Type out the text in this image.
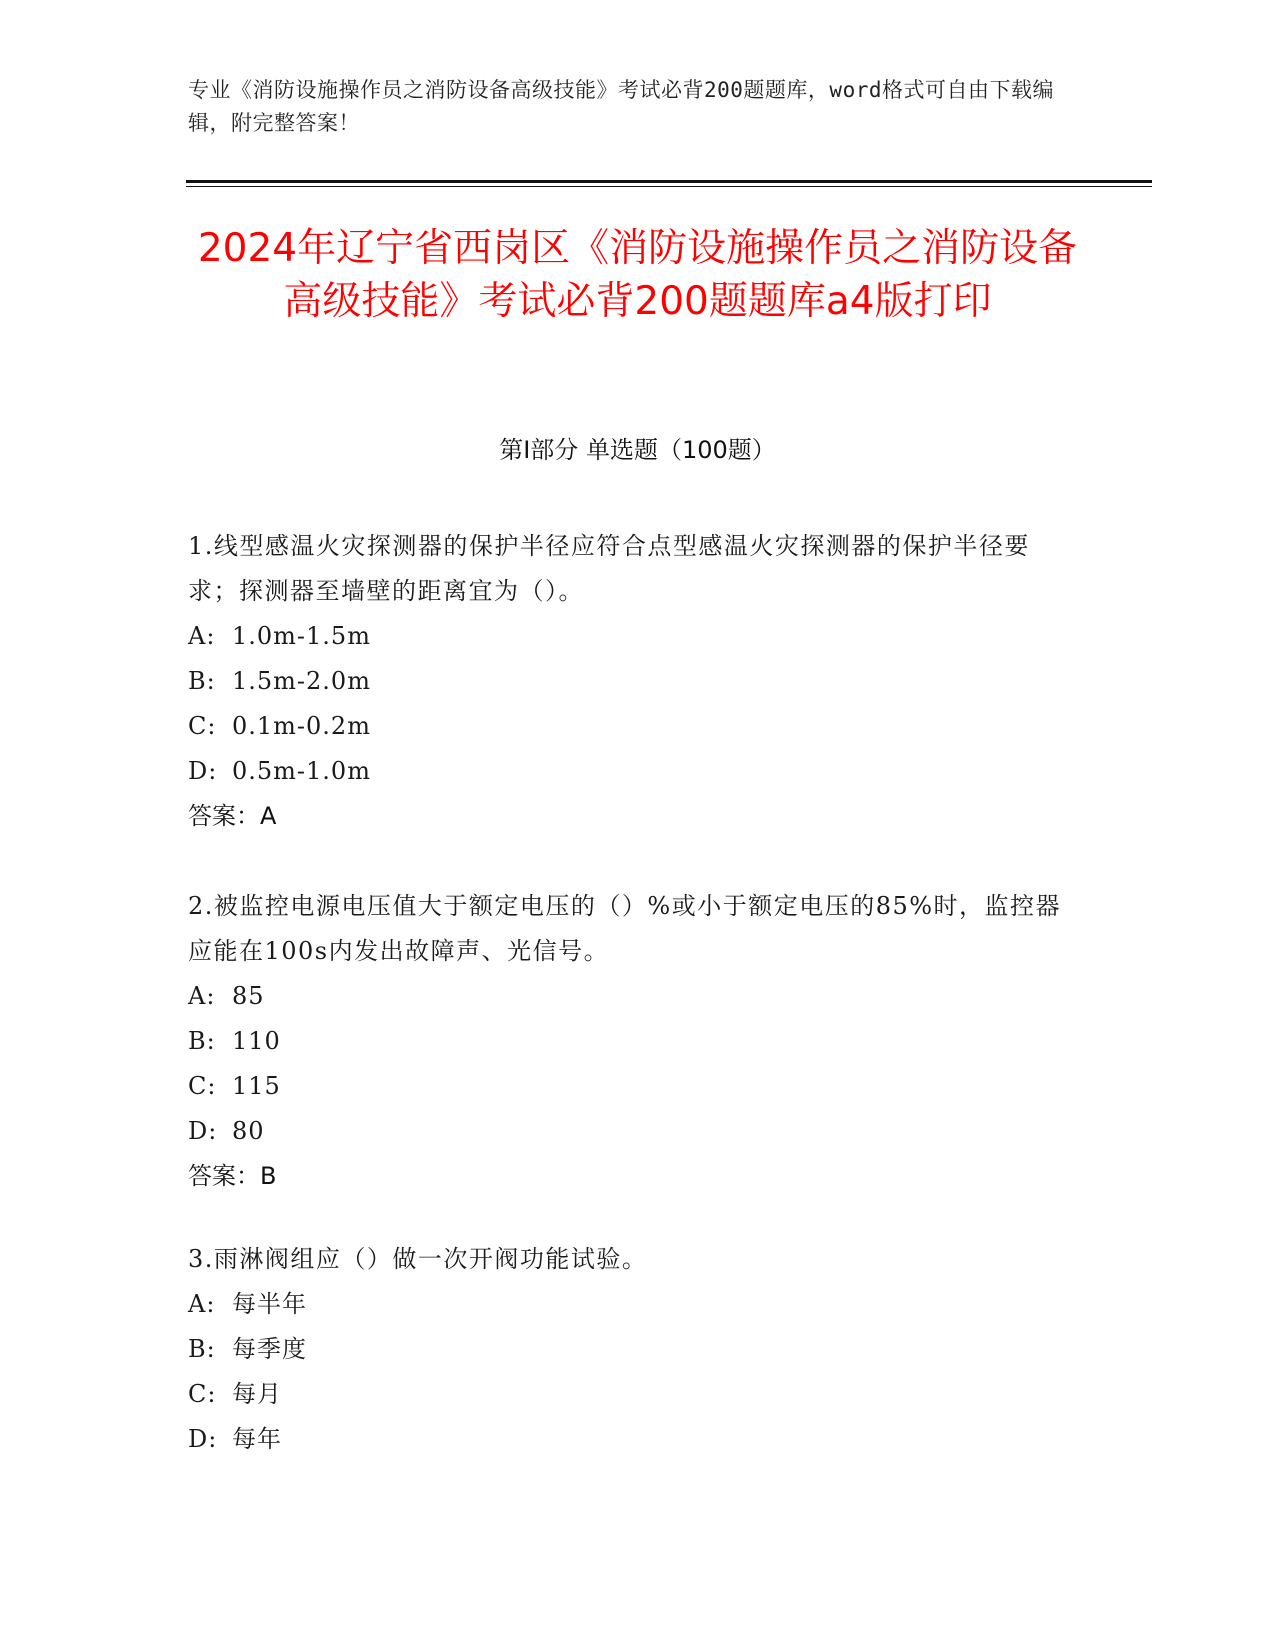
专业《消防设施操作员之消防设备高级技能》考试必背200题题库，word格式可自由下载编辑，附完整答案！
2024年辽宁省西岗区《消防设施操作员之消防设备高级技能》考试必背200题题库a4版打印
第I部分 单选题（100题）
1.线型感温火灾探测器的保护半径应符合点型感温火灾探测器的保护半径要求；探测器至墙壁的距离宜为（）。
A: 1.0m-1.5m
B: 1.5m-2.0m
C: 0.1m-0.2m
D: 0.5m-1.0m
答案：A
2.被监控电源电压值大于额定电压的（）%或小于额定电压的85%时，监控器应能在100s内发出故障声、光信号。
A: 85
B: 110
C: 115
D: 80
答案：B
3.雨淋阀组应（）做一次开阀功能试验。
A: 每半年
B: 每季度
C: 每月
D: 每年
